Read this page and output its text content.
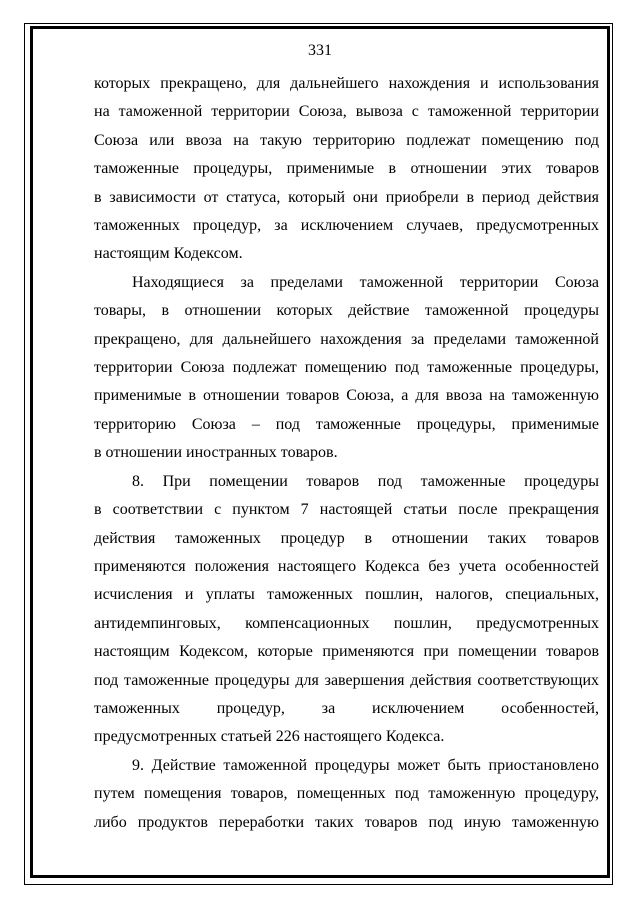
331
которых прекращено, для дальнейшего нахождения и использования
на таможенной территории Союза, вывоза с таможенной территории
Союза или ввоза на такую территорию подлежат помещению под
таможенные процедуры, применимые в отношении этих товаров
в зависимости от статуса, который они приобрели в период действия
таможенных процедур, за исключением случаев, предусмотренных
настоящим Кодексом.
Находящиеся за пределами таможенной территории Союза
товары, в отношении которых действие таможенной процедуры
прекращено, для дальнейшего нахождения за пределами таможенной
территории Союза подлежат помещению под таможенные процедуры,
применимые в отношении товаров Союза, а для ввоза на таможенную
территорию Союза – под таможенные процедуры, применимые
в отношении иностранных товаров.
8. При помещении товаров под таможенные процедуры
в соответствии с пунктом 7 настоящей статьи после прекращения
действия таможенных процедур в отношении таких товаров
применяются положения настоящего Кодекса без учета особенностей
исчисления и уплаты таможенных пошлин, налогов, специальных,
антидемпинговых, компенсационных пошлин, предусмотренных
настоящим Кодексом, которые применяются при помещении товаров
под таможенные процедуры для завершения действия соответствующих
таможенных процедур, за исключением особенностей,
предусмотренных статьей 226 настоящего Кодекса.
9. Действие таможенной процедуры может быть приостановлено
путем помещения товаров, помещенных под таможенную процедуру,
либо продуктов переработки таких товаров под иную таможенную
